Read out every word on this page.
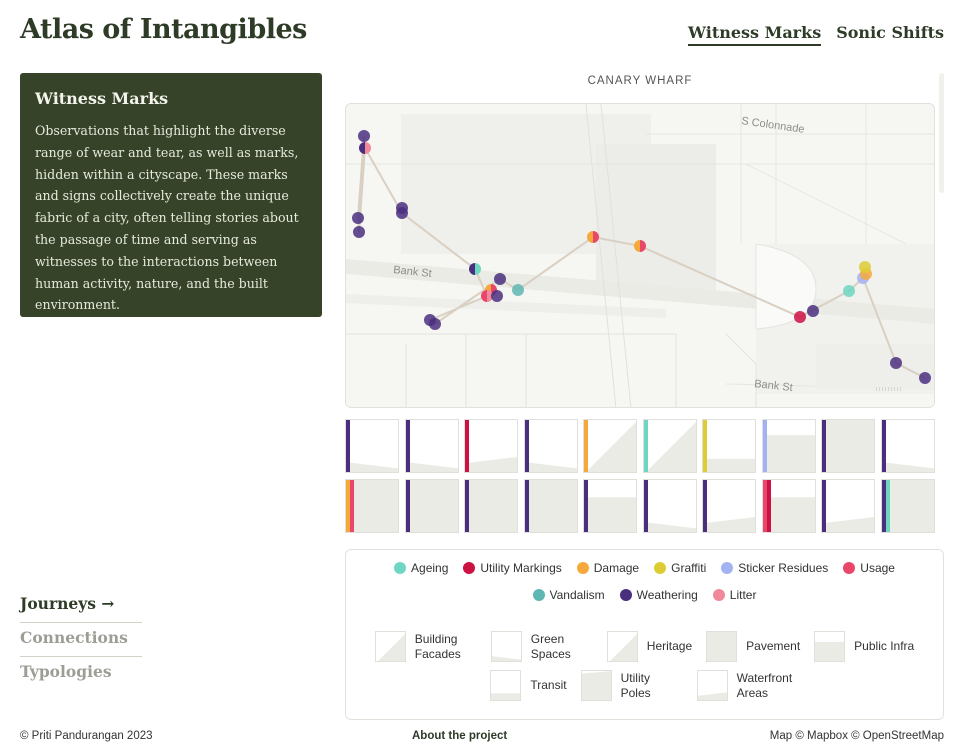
Atlas of Intangibles	Witness Marks Sonic Shifts
Witness Marks

Observations that highlight the diverse range of wear and tear, as well as marks, hidden within a cityscape. These marks and signs collectively create the unique fabric of a city, often telling stories about the passage of time and serving as witnesses to the interactions between human activity, nature, and the built environment.

Journeys →
Connections
Typologies
CANARY WHARF
S Colonnade
Bank St
Bank St
Ageing	Utility Markings	Damage	Graffiti	Sticker Residues	Usage
Vandalism	Weathering	Litter
Building Facades
Green Spaces
Heritage	Pavement	Public Infra
Transit
Utility Poles
Waterfront Areas
© Priti Pandurangan 2023	About the project	Map © Mapbox © OpenStreetMap
